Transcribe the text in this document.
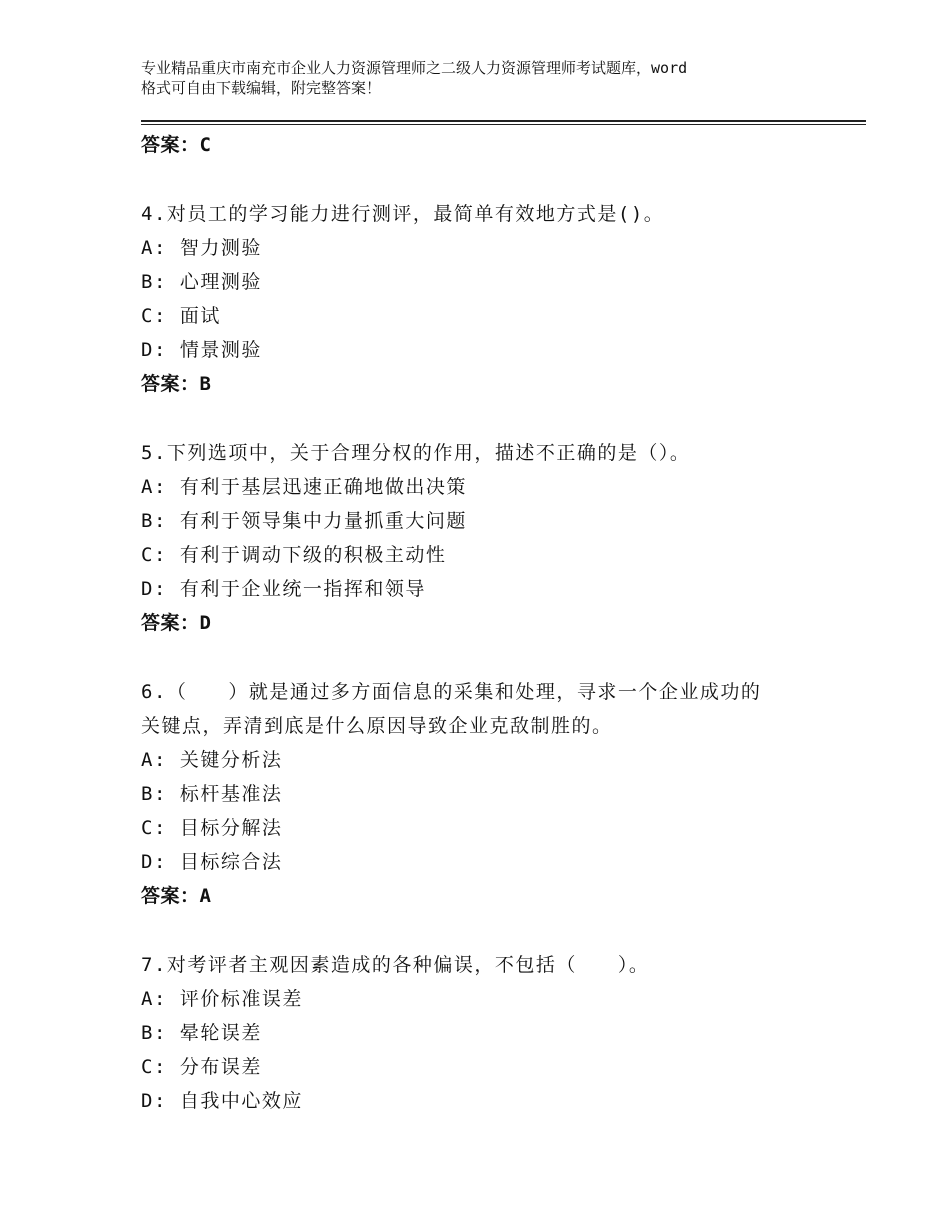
专业精品重庆市南充市企业人力资源管理师之二级人力资源管理师考试题库，word
格式可自由下载编辑，附完整答案！
答案：C
4.对员工的学习能力进行测评，最简单有效地方式是()。
A: 智力测验
B: 心理测验
C: 面试
D: 情景测验
答案：B
5.下列选项中，关于合理分权的作用，描述不正确的是（）。
A: 有利于基层迅速正确地做出决策
B: 有利于领导集中力量抓重大问题
C: 有利于调动下级的积极主动性
D: 有利于企业统一指挥和领导
答案：D
6.（　　）就是通过多方面信息的采集和处理，寻求一个企业成功的
关键点，弄清到底是什么原因导致企业克敌制胜的。
A: 关键分析法
B: 标杆基准法
C: 目标分解法
D: 目标综合法
答案：A
7.对考评者主观因素造成的各种偏误，不包括（　　）。
A: 评价标准误差
B: 晕轮误差
C: 分布误差
D: 自我中心效应
